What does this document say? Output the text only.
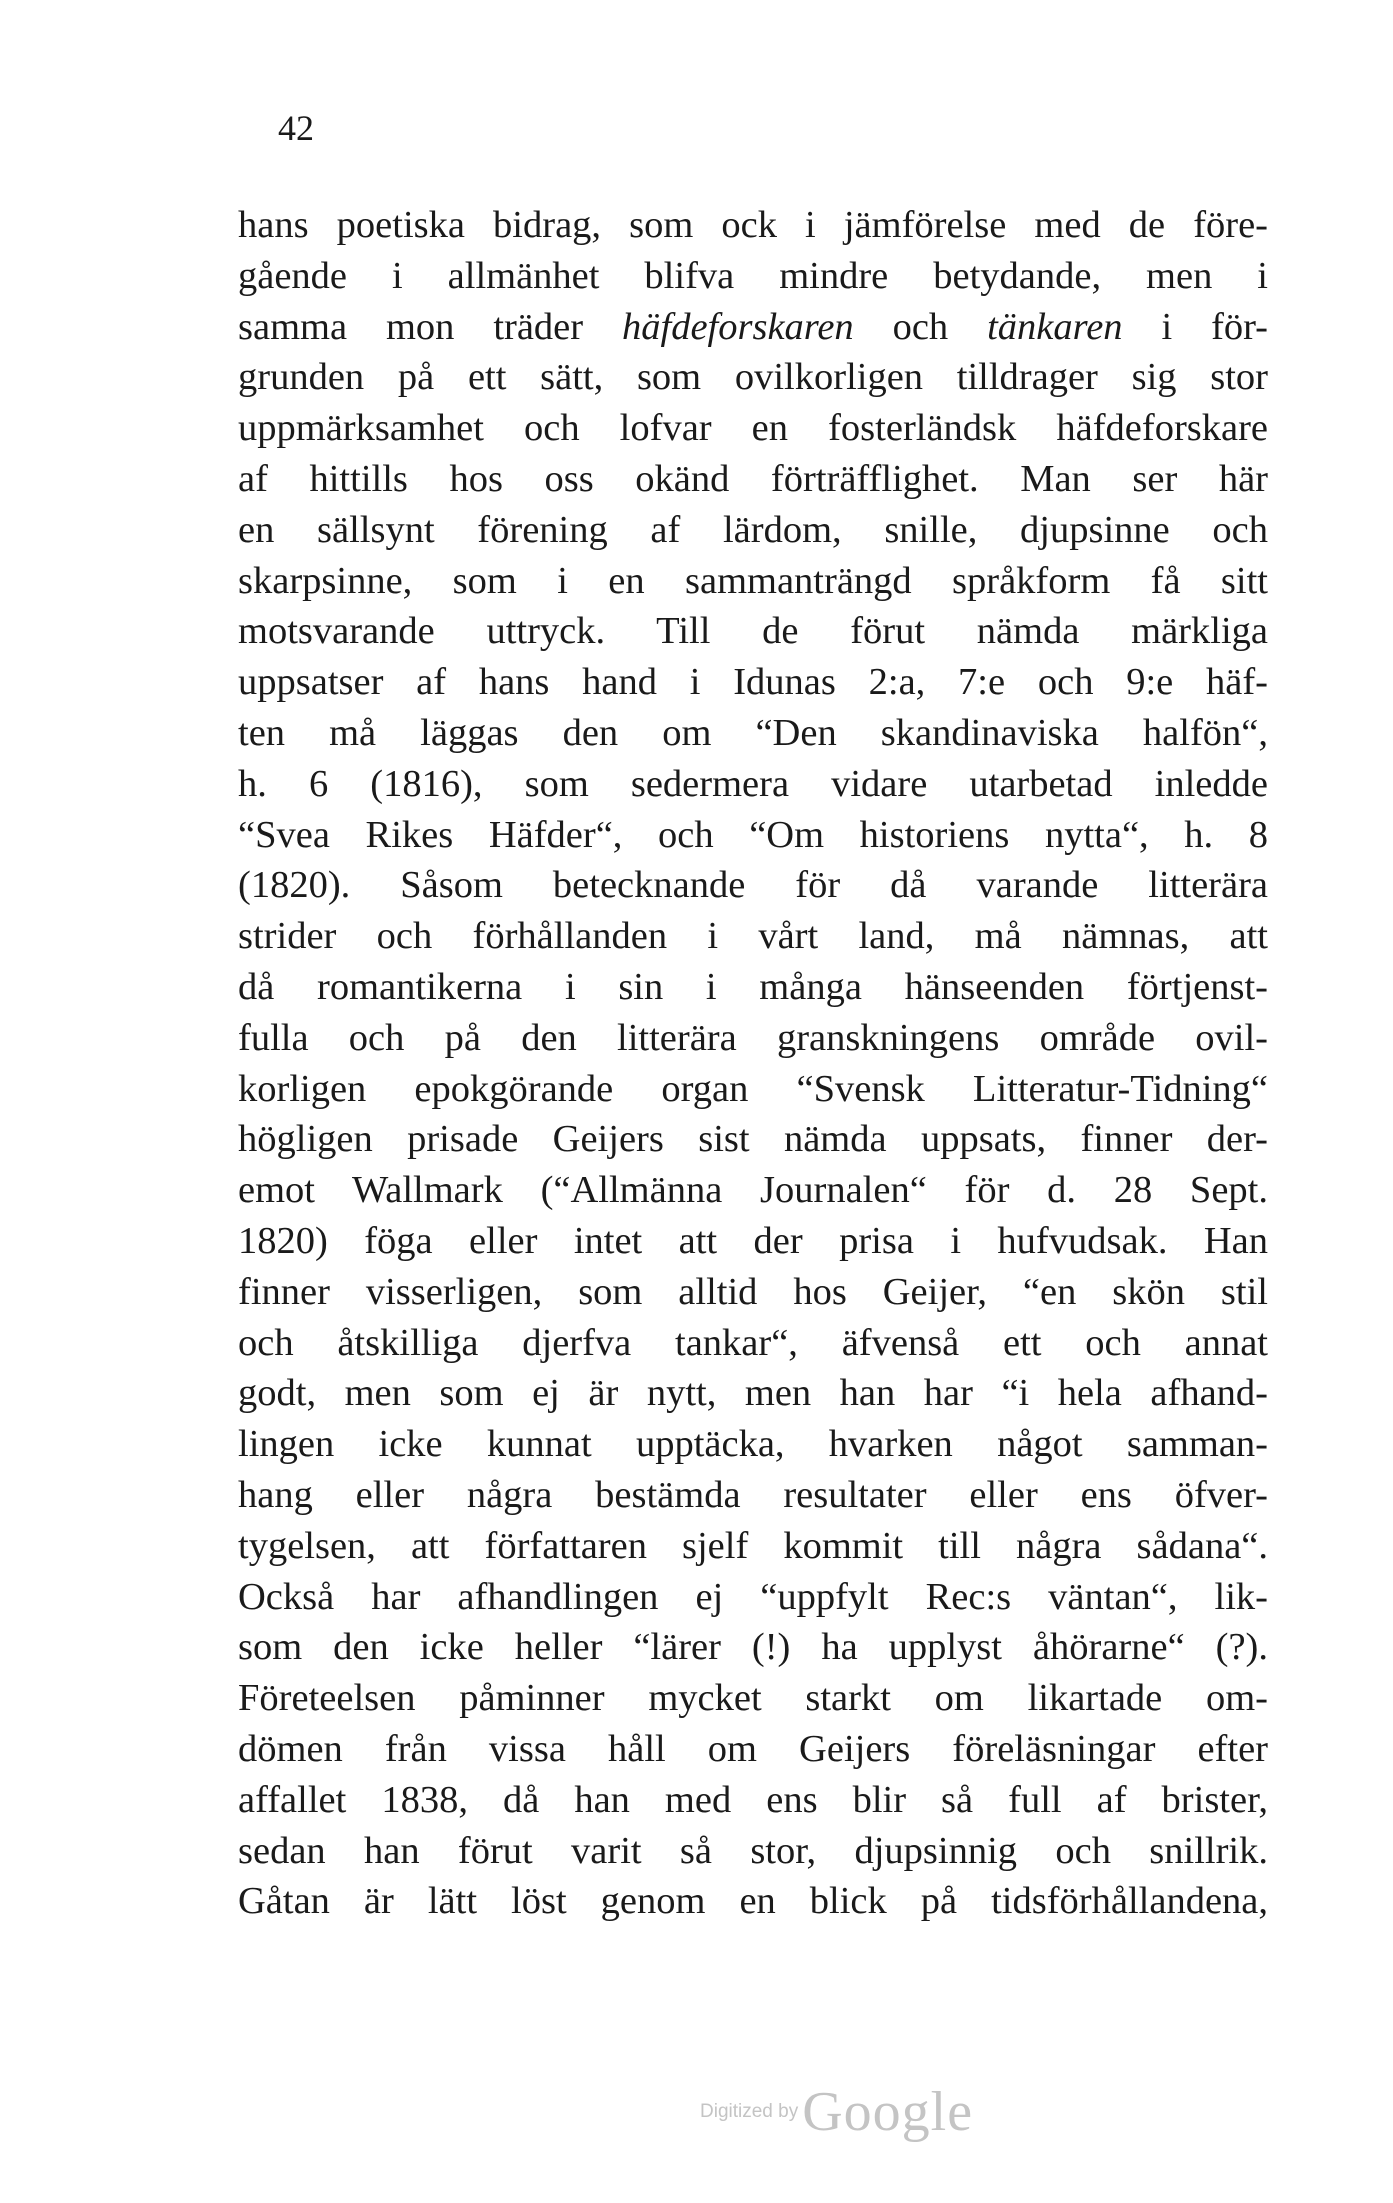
42
hans poetiska bidrag, som ock i jämförelse med de före-
gående i allmänhet blifva mindre betydande, men i
samma mon träder häfdeforskaren och tänkaren i för-
grunden på ett sätt, som ovilkorligen tilldrager sig stor
uppmärksamhet och lofvar en fosterländsk häfdeforskare
af hittills hos oss okänd förträfflighet. Man ser här
en sällsynt förening af lärdom, snille, djupsinne och
skarpsinne, som i en sammanträngd språkform få sitt
motsvarande uttryck. Till de förut nämda märkliga
uppsatser af hans hand i Idunas 2:a, 7:e och 9:e häf-
ten må läggas den om “Den skandinaviska halfön“,
h. 6 (1816), som sedermera vidare utarbetad inledde
“Svea Rikes Häfder“, och “Om historiens nytta“, h. 8
(1820). Såsom betecknande för då varande litterära
strider och förhållanden i vårt land, må nämnas, att
då romantikerna i sin i många hänseenden förtjenst-
fulla och på den litterära granskningens område ovil-
korligen epokgörande organ “Svensk Litteratur-Tidning“
högligen prisade Geijers sist nämda uppsats, finner der-
emot Wallmark (“Allmänna Journalen“ för d. 28 Sept.
1820) föga eller intet att der prisa i hufvudsak. Han
finner visserligen, som alltid hos Geijer, “en skön stil
och åtskilliga djerfva tankar“, äfvenså ett och annat
godt, men som ej är nytt, men han har “i hela afhand-
lingen icke kunnat upptäcka, hvarken något samman-
hang eller några bestämda resultater eller ens öfver-
tygelsen, att författaren sjelf kommit till några sådana“.
Också har afhandlingen ej “uppfylt Rec:s väntan“, lik-
som den icke heller “lärer (!) ha upplyst åhörarne“ (?).
Företeelsen påminner mycket starkt om likartade om-
dömen från vissa håll om Geijers föreläsningar efter
affallet 1838, då han med ens blir så full af brister,
sedan han förut varit så stor, djupsinnig och snillrik.
Gåtan är lätt löst genom en blick på tidsförhållandena,
Digitized by Google
